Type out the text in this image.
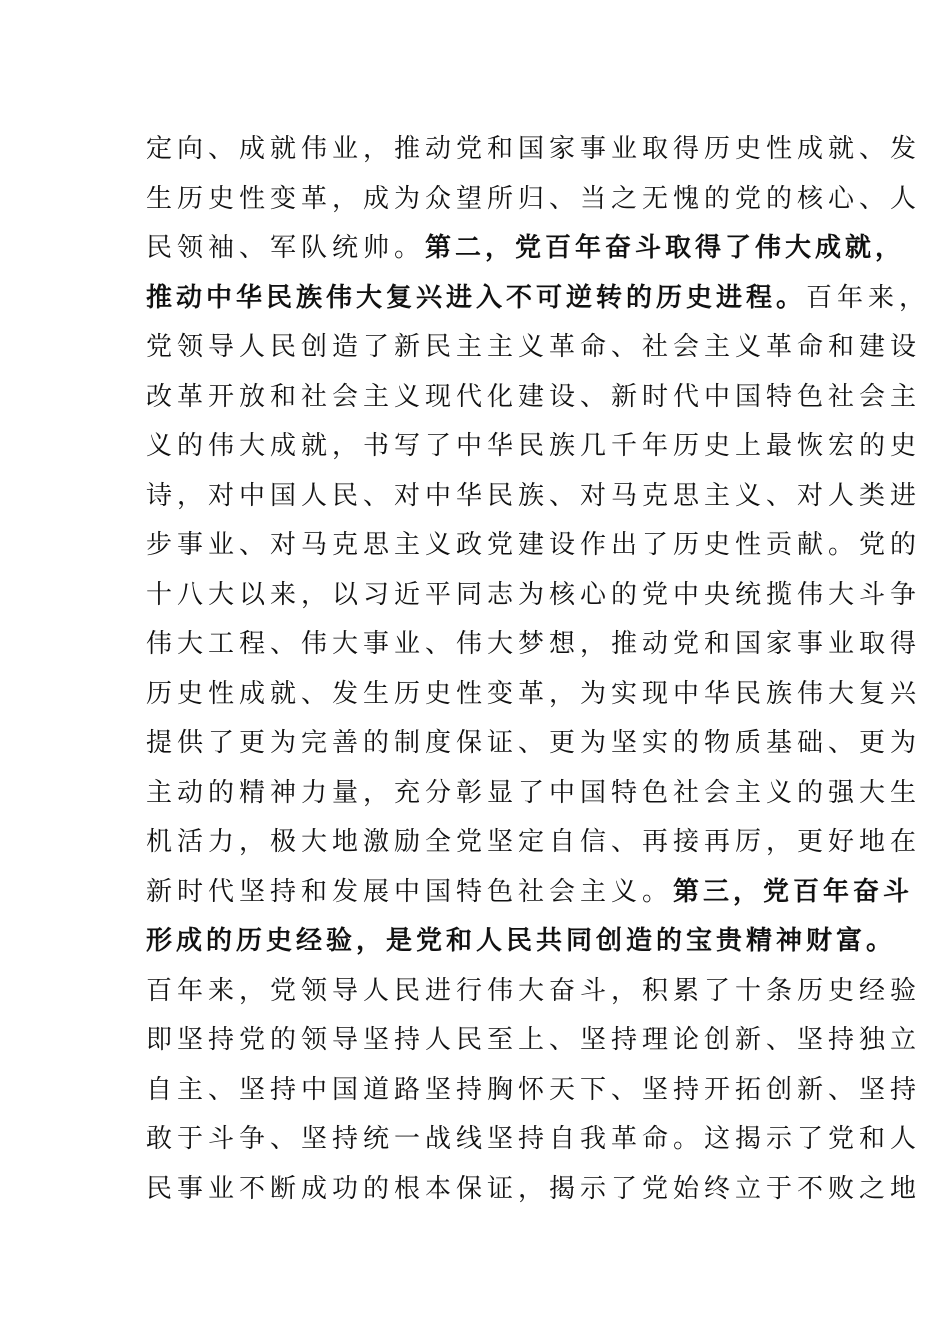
定向、成就伟业，推动党和国家事业取得历史性成就、发
生历史性变革，成为众望所归、当之无愧的党的核心、人
民领袖、军队统帅。第二，党百年奋斗取得了伟大成就，
推动中华民族伟大复兴进入不可逆转的历史进程。百年来，
党领导人民创造了新民主主义革命、社会主义革命和建设
改革开放和社会主义现代化建设、新时代中国特色社会主
义的伟大成就，书写了中华民族几千年历史上最恢宏的史
诗，对中国人民、对中华民族、对马克思主义、对人类进
步事业、对马克思主义政党建设作出了历史性贡献。党的
十八大以来，以习近平同志为核心的党中央统揽伟大斗争
伟大工程、伟大事业、伟大梦想，推动党和国家事业取得
历史性成就、发生历史性变革，为实现中华民族伟大复兴
提供了更为完善的制度保证、更为坚实的物质基础、更为
主动的精神力量，充分彰显了中国特色社会主义的强大生
机活力，极大地激励全党坚定自信、再接再厉，更好地在
新时代坚持和发展中国特色社会主义。第三，党百年奋斗
形成的历史经验，是党和人民共同创造的宝贵精神财富。
百年来，党领导人民进行伟大奋斗，积累了十条历史经验
即坚持党的领导坚持人民至上、坚持理论创新、坚持独立
自主、坚持中国道路坚持胸怀天下、坚持开拓创新、坚持
敢于斗争、坚持统一战线坚持自我革命。这揭示了党和人
民事业不断成功的根本保证，揭示了党始终立于不败之地
